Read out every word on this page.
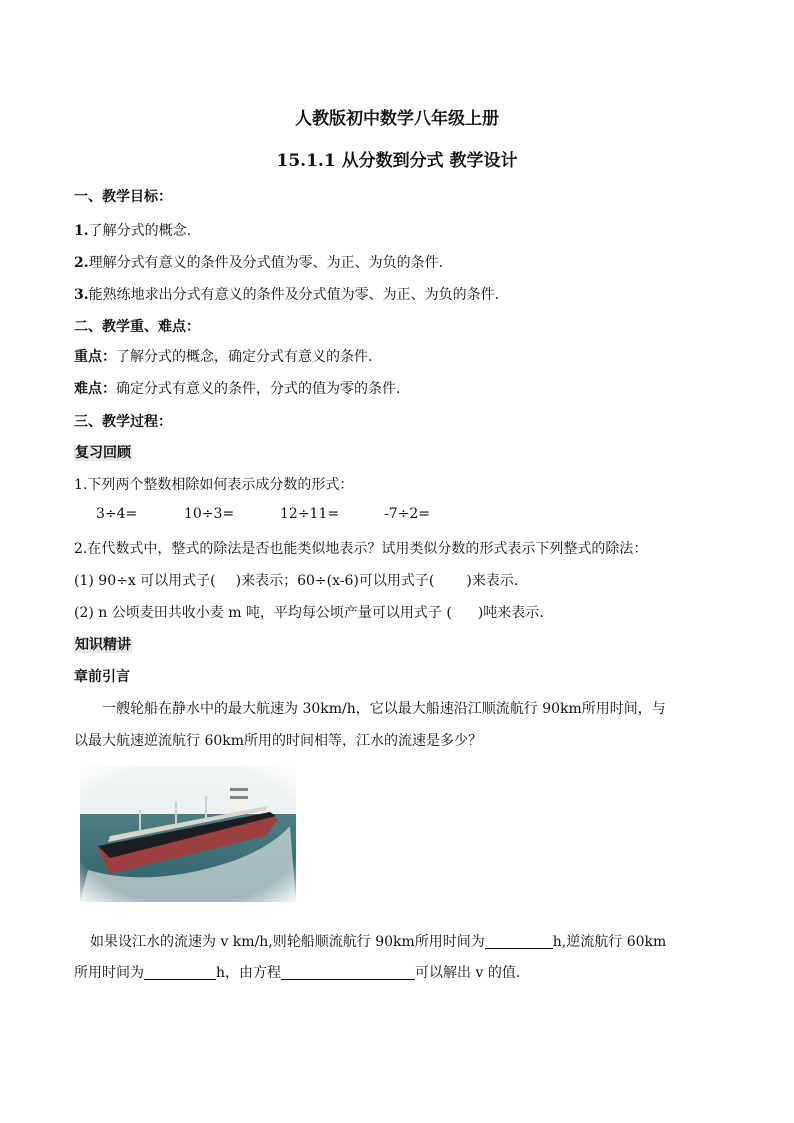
人教版初中数学八年级上册
15.1.1 从分数到分式 教学设计
一、教学目标：
1.了解分式的概念.
2.理解分式有意义的条件及分式值为零、为正、为负的条件.
3.能熟练地求出分式有意义的条件及分式值为零、为正、为负的条件.
二、教学重、难点：
重点：了解分式的概念，确定分式有意义的条件.
难点：确定分式有意义的条件，分式的值为零的条件.
三、教学过程：
复习回顾
1.下列两个整数相除如何表示成分数的形式：
3÷4=	10÷3=	12÷11=	-7÷2=
2.在代数式中，整式的除法是否也能类似地表示？试用类似分数的形式表示下列整式的除法：
(1) 90÷x 可以用式子( )来表示；60÷(x-6)可以用式子( )来表示.
(2) n 公顷麦田共收小麦 m 吨，平均每公顷产量可以用式子 ( )吨来表示.
知识精讲
章前引言
一艘轮船在静水中的最大航速为 30km/h，它以最大船速沿江顺流航行 90km所用时间，与
以最大航速逆流航行 60km所用的时间相等，江水的流速是多少？
如果设江水的流速为 v km/h,则轮船顺流航行 90km所用时间为	h,逆流航行 60km
所用时间为	h，由方程	可以解出 v 的值.
